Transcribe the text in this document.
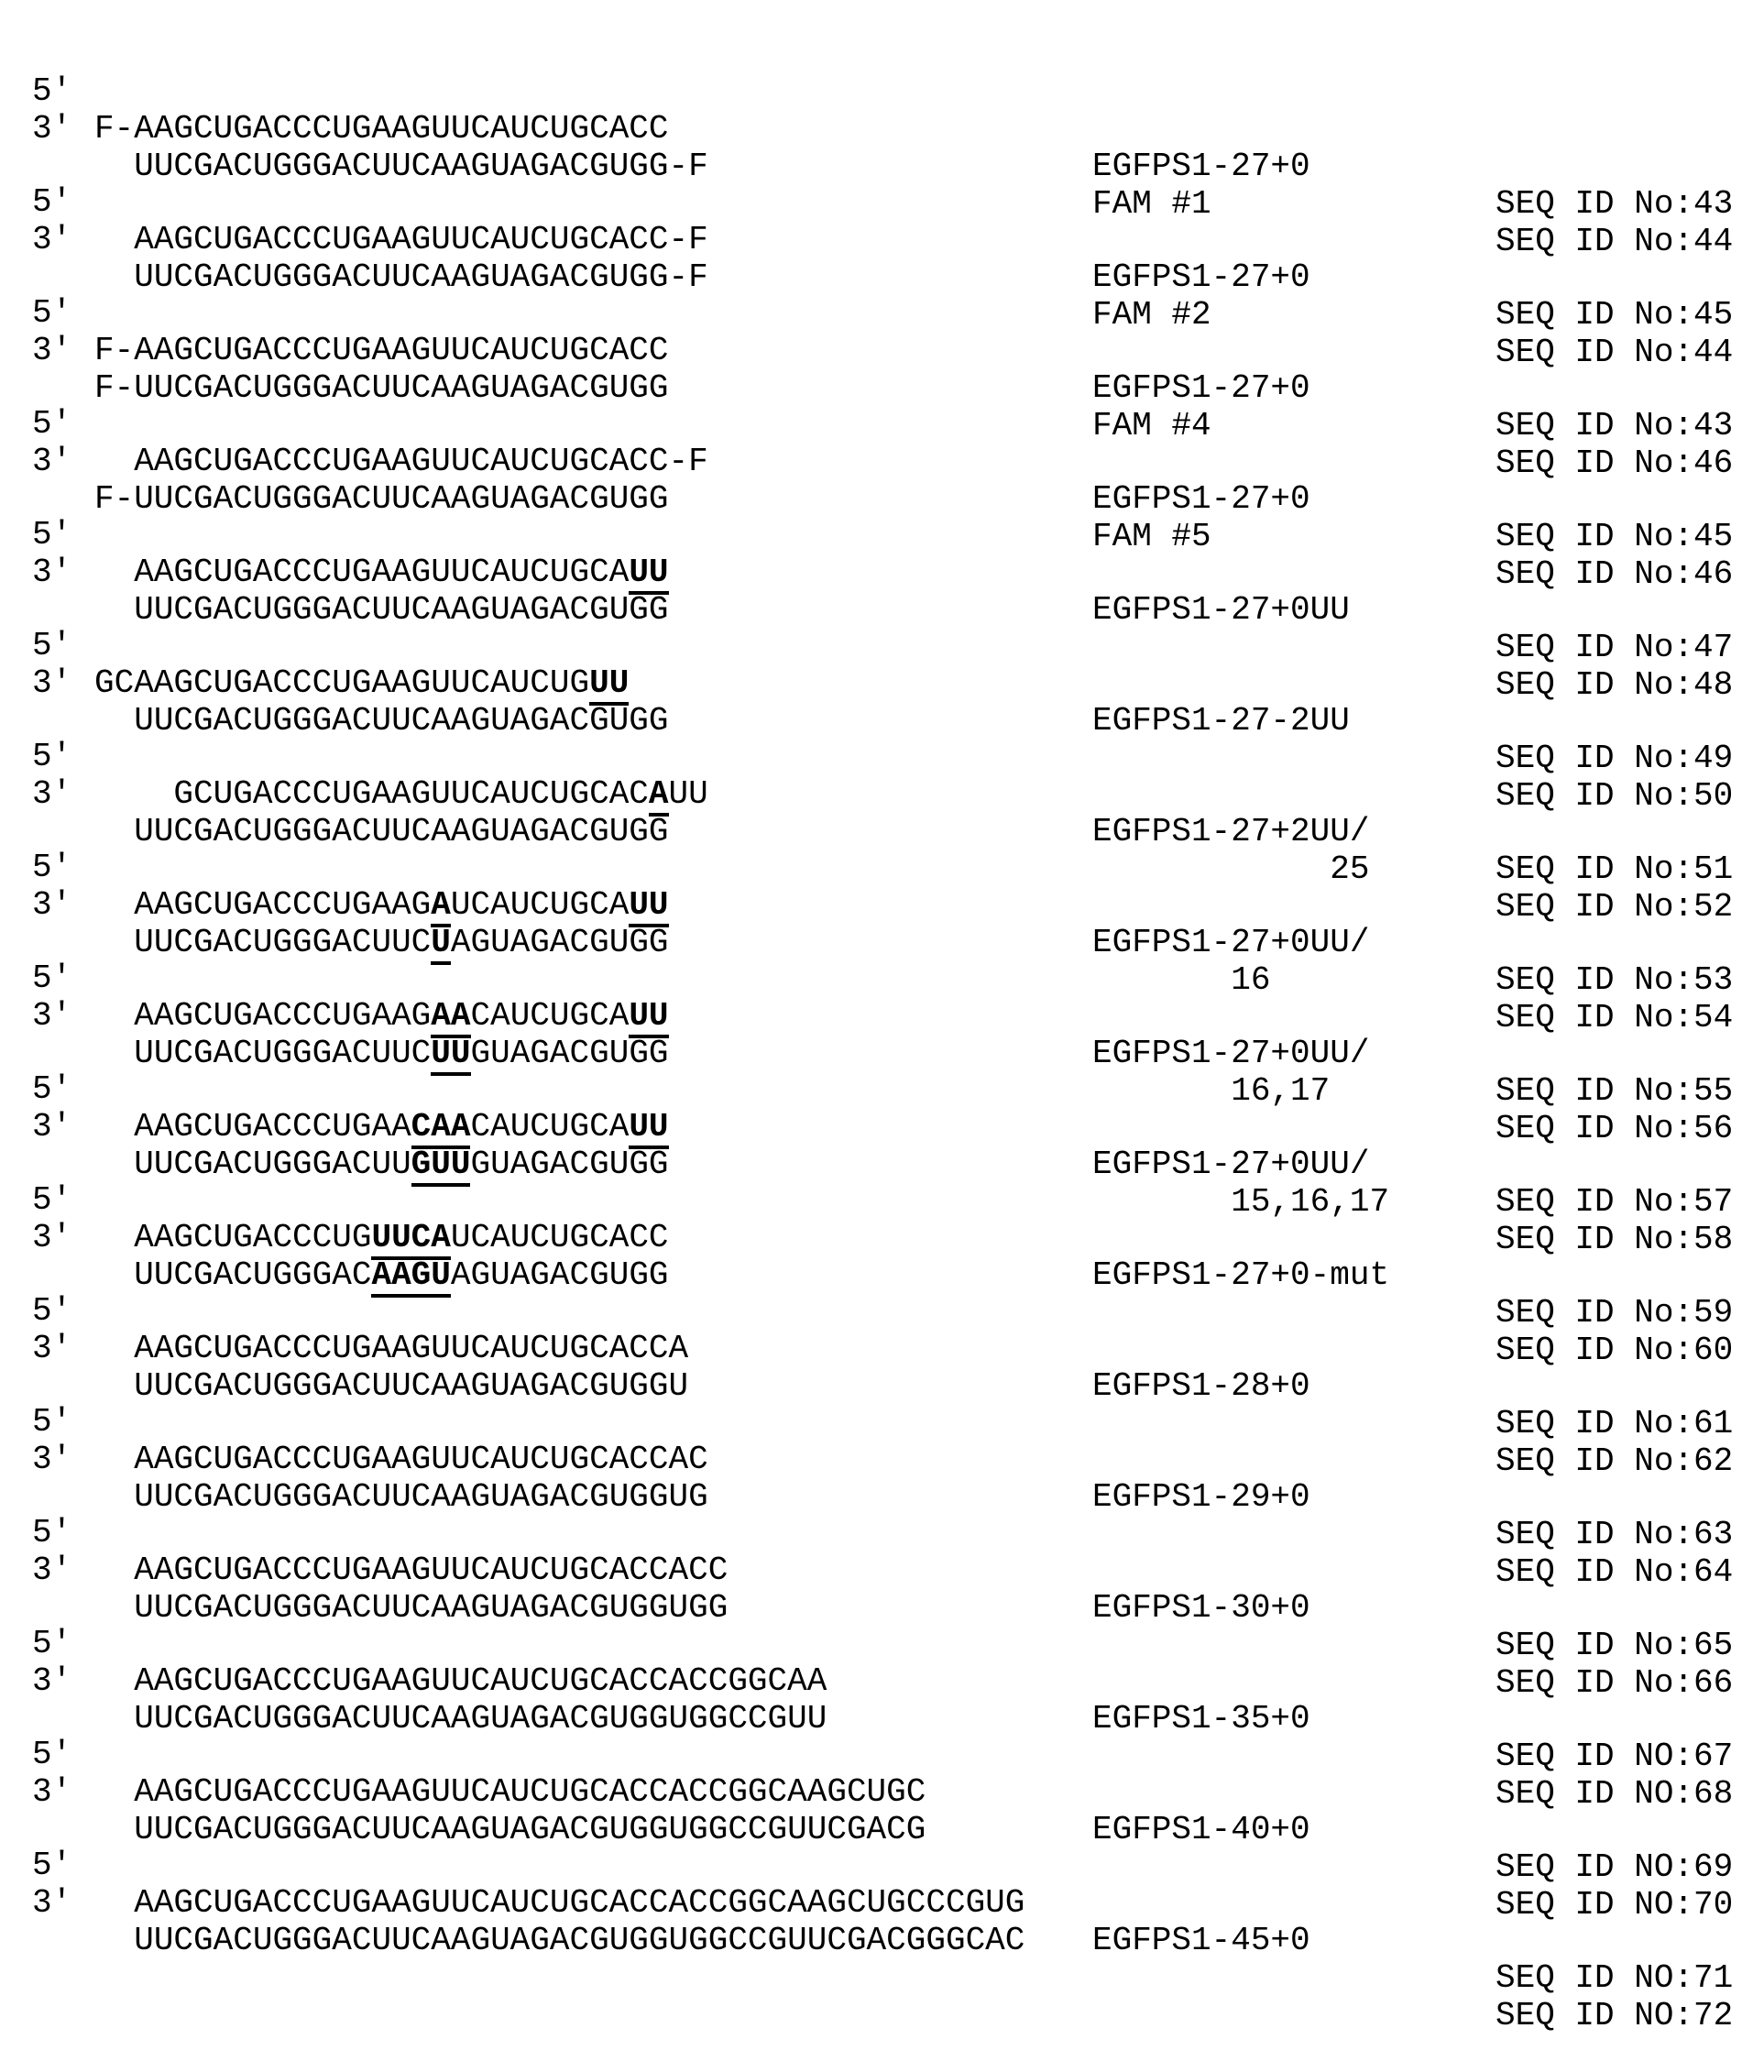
5'

F-AAGCUGACCCUGAAGUUCAUCUGCACC

EGFPS1-27+0

SEQ ID No:43

3'

UUCGACUGGGACUUCAAGUAGACGUGG-F

FAM #1

SEQ ID No:44

5'

AAGCUGACCCUGAAGUUCAUCUGCACC-F

EGFPS1-27+0

SEQ ID No:45

3'

UUCGACUGGGACUUCAAGUAGACGUGG-F

FAM #2

SEQ ID No:44

5'

F-AAGCUGACCCUGAAGUUCAUCUGCACC

EGFPS1-27+0

SEQ ID No:43

3'

F-UUCGACUGGGACUUCAAGUAGACGUGG

FAM #4

SEQ ID No:46

5'

AAGCUGACCCUGAAGUUCAUCUGCACC-F

EGFPS1-27+0

SEQ ID No:45

3'

F-UUCGACUGGGACUUCAAGUAGACGUGG

FAM #5

SEQ ID No:46

5'

AAGCUGACCCUGAAGUUCAUCUGCAUU

EGFPS1-27+0UU

SEQ ID No:47

3'

UUCGACUGGGACUUCAAGUAGACGUGG

SEQ ID No:48

5'

GCAAGCUGACCCUGAAGUUCAUCUGUU

EGFPS1-27-2UU

SEQ ID No:49

3'

UUCGACUGGGACUUCAAGUAGACGUGG

SEQ ID No:50

5'

GCUGACCCUGAAGUUCAUCUGCACAUU

EGFPS1-27+2UU/

SEQ ID No:51

3'

UUCGACUGGGACUUCAAGUAGACGUGG

25

SEQ ID No:52

5'

AAGCUGACCCUGAAGAUCAUCUGCAUU

EGFPS1-27+0UU/

SEQ ID No:53

3'

UUCGACUGGGACUUCUAGUAGACGUGG

16

SEQ ID No:54

5'

AAGCUGACCCUGAAGAACAUCUGCAUU

EGFPS1-27+0UU/

SEQ ID No:55

3'

UUCGACUGGGACUUCUUGUAGACGUGG

16,17

SEQ ID No:56

5'

AAGCUGACCCUGAACAACAUCUGCAUU

EGFPS1-27+0UU/

SEQ ID No:57

3'

UUCGACUGGGACUUGUUGUAGACGUGG

15,16,17

SEQ ID No:58

5'

AAGCUGACCCUGUUCAUCAUCUGCACC

EGFPS1-27+0-mut

SEQ ID No:59

3'

UUCGACUGGGACAAGUAGUAGACGUGG

SEQ ID No:60

5'

AAGCUGACCCUGAAGUUCAUCUGCACCA

EGFPS1-28+0

SEQ ID No:61

3'

UUCGACUGGGACUUCAAGUAGACGUGGU

SEQ ID No:62

5'

AAGCUGACCCUGAAGUUCAUCUGCACCAC

EGFPS1-29+0

SEQ ID No:63

3'

UUCGACUGGGACUUCAAGUAGACGUGGUG

SEQ ID No:64

5'

AAGCUGACCCUGAAGUUCAUCUGCACCACC

EGFPS1-30+0

SEQ ID No:65

3'

UUCGACUGGGACUUCAAGUAGACGUGGUGG

SEQ ID No:66

5'

AAGCUGACCCUGAAGUUCAUCUGCACCACCGGCAA

EGFPS1-35+0

SEQ ID NO:67

3'

UUCGACUGGGACUUCAAGUAGACGUGGUGGCCGUU

SEQ ID NO:68

5'

AAGCUGACCCUGAAGUUCAUCUGCACCACCGGCAAGCUGC

EGFPS1-40+0

SEQ ID NO:69

3'

UUCGACUGGGACUUCAAGUAGACGUGGUGGCCGUUCGACG

SEQ ID NO:70

5'

AAGCUGACCCUGAAGUUCAUCUGCACCACCGGCAAGCUGCCCGUG

EGFPS1-45+0

SEQ ID NO:71

3'

UUCGACUGGGACUUCAAGUAGACGUGGUGGCCGUUCGACGGGCAC

SEQ ID NO:72
